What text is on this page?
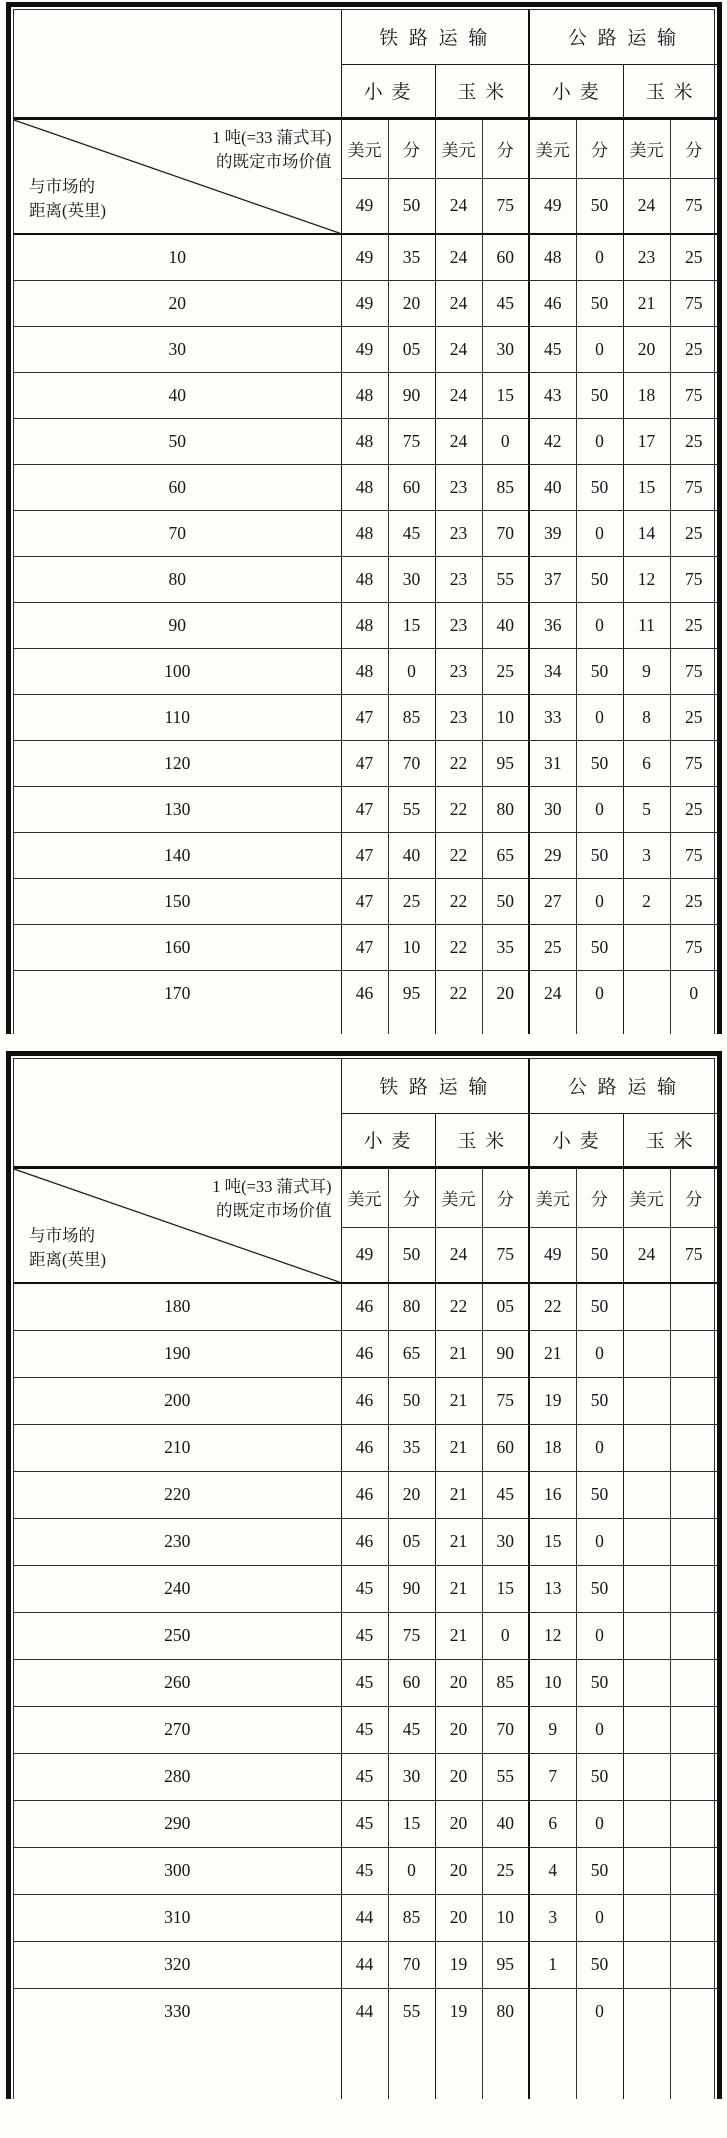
	铁 路 运 输				公 路 运 输			
	小 麦		玉 米		小 麦		玉 米	

1 吨(=33 蒲式耳)
的既定市场价值
与市场的
距离(英里)	美元	分	美元	分	美元	分	美元	分
	49	50	24	75	49	50	24	75
10	49	35	24	60	48	0	23	25
20	49	20	24	45	46	50	21	75
30	49	05	24	30	45	0	20	25
40	48	90	24	15	43	50	18	75
50	48	75	24	0	42	0	17	25
60	48	60	23	85	40	50	15	75
70	48	45	23	70	39	0	14	25
80	48	30	23	55	37	50	12	75
90	48	15	23	40	36	0	11	25
100	48	0	23	25	34	50	9	75
110	47	85	23	10	33	0	8	25
120	47	70	22	95	31	50	6	75
130	47	55	22	80	30	0	5	25
140	47	40	22	65	29	50	3	75
150	47	25	22	50	27	0	2	25
160	47	10	22	35	25	50		75
170	46	95	22	20	24	0		0

	铁 路 运 输				公 路 运 输			
	小 麦		玉 米		小 麦		玉 米	

1 吨(=33 蒲式耳)
的既定市场价值
与市场的
距离(英里)	美元	分	美元	分	美元	分	美元	分
	49	50	24	75	49	50	24	75
180	46	80	22	05	22	50		
190	46	65	21	90	21	0		
200	46	50	21	75	19	50		
210	46	35	21	60	18	0		
220	46	20	21	45	16	50		
230	46	05	21	30	15	0		
240	45	90	21	15	13	50		
250	45	75	21	0	12	0		
260	45	60	20	85	10	50		
270	45	45	20	70	9	0		
280	45	30	20	55	7	50		
290	45	15	20	40	6	0		
300	45	0	20	25	4	50		
310	44	85	20	10	3	0		
320	44	70	19	95	1	50		
330	44	55	19	80		0		
